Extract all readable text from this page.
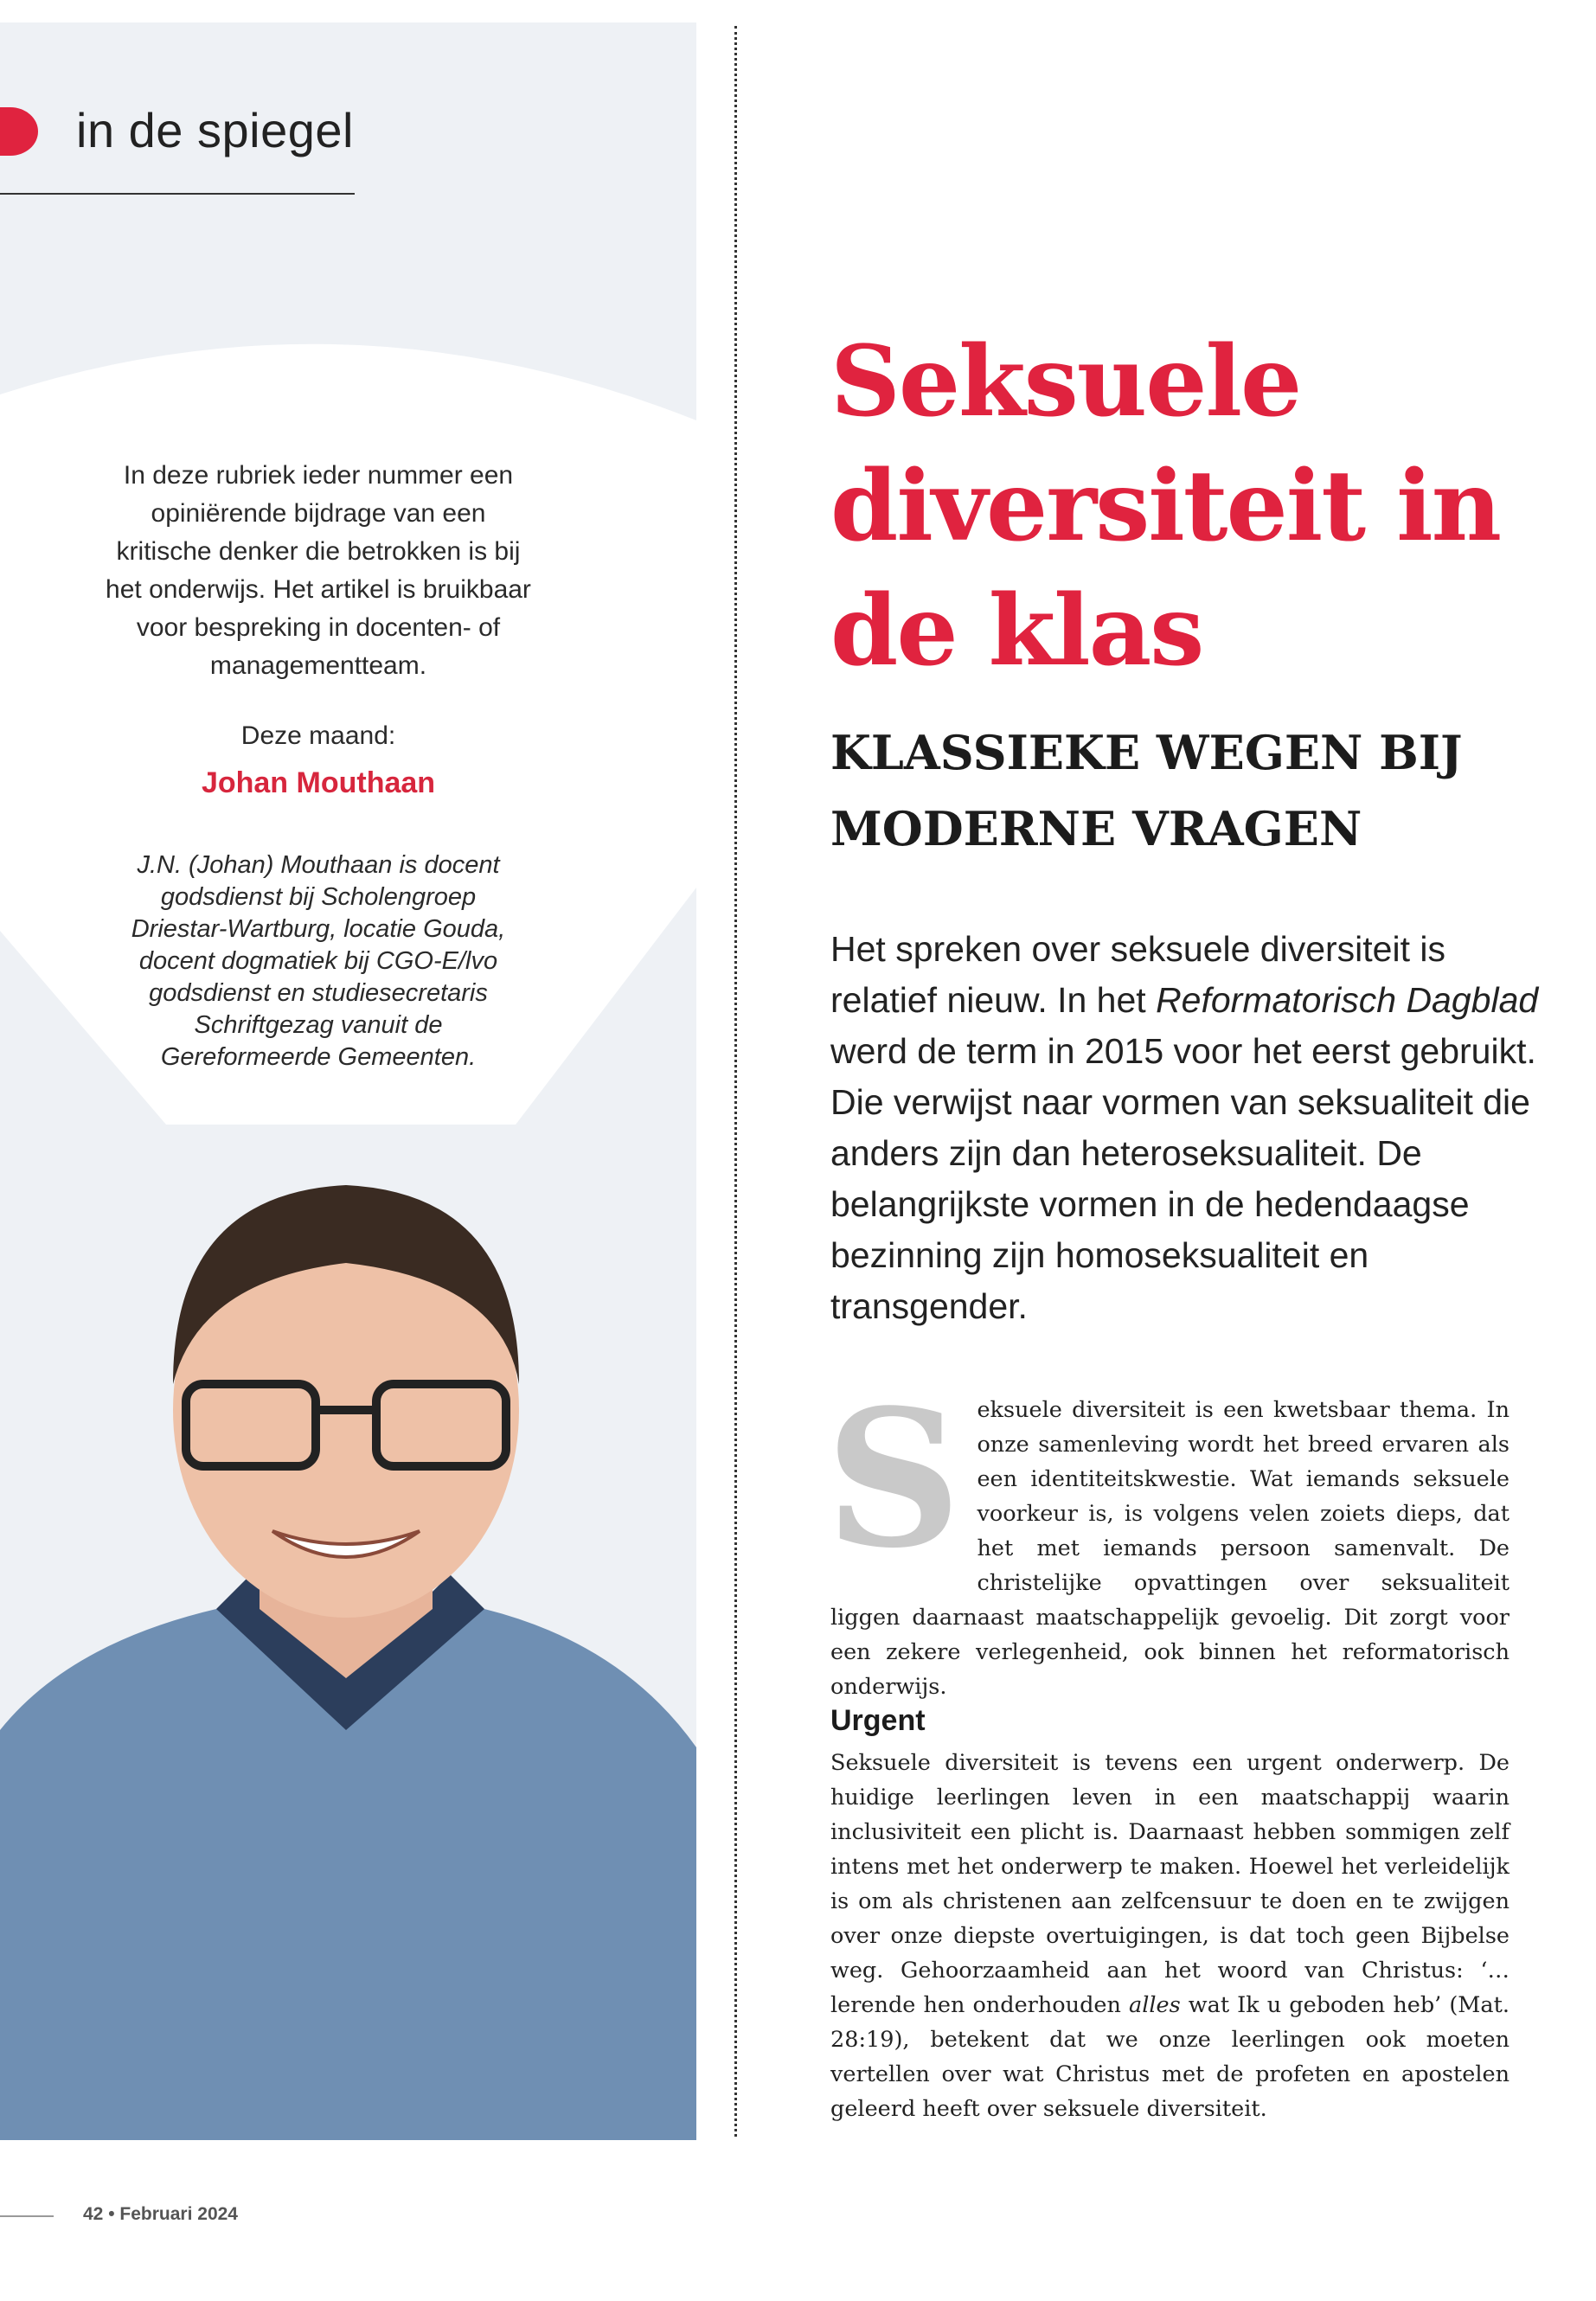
in de spiegel
In deze rubriek ieder nummer een opiniërende bijdrage van een kritische denker die betrokken is bij het onderwijs. Het artikel is bruikbaar voor bespreking in docenten- of managementteam.
Deze maand:
Johan Mouthaan
J.N. (Johan) Mouthaan is docent godsdienst bij Scholengroep Driestar-Wartburg, locatie Gouda, docent dogmatiek bij CGO-E/lvo godsdienst en studiesecretaris Schriftgezag vanuit de Gereformeerde Gemeenten.
Seksuele diversiteit in de klas
KLASSIEKE WEGEN BIJ MODERNE VRAGEN
Het spreken over seksuele diversiteit is relatief nieuw. In het Reformatorisch Dagblad werd de term in 2015 voor het eerst gebruikt. Die verwijst naar vormen van seksualiteit die anders zijn dan heteroseksualiteit. De belangrijkste vormen in de hedendaagse bezinning zijn homoseksualiteit en transgender.
Seksuele diversiteit is een kwetsbaar thema. In onze samenleving wordt het breed ervaren als een identiteitskwestie. Wat iemands seksuele voorkeur is, is volgens velen zoiets dieps, dat het met iemands persoon samenvalt. De christelijke opvattingen over seksualiteit liggen daarnaast maatschappelijk gevoelig. Dit zorgt voor een zekere verlegenheid, ook binnen het reformatorisch onderwijs.
Urgent
Seksuele diversiteit is tevens een urgent onderwerp. De huidige leerlingen leven in een maatschappij waarin inclusiviteit een plicht is. Daarnaast hebben sommigen zelf intens met het onderwerp te maken. Hoewel het verleidelijk is om als christenen aan zelfcensuur te doen en te zwijgen over onze diepste overtuigingen, is dat toch geen Bijbelse weg. Gehoorzaamheid aan het woord van Christus: ‘… lerende hen onderhouden alles wat Ik u geboden heb’ (Mat. 28:19), betekent dat we onze leerlingen ook moeten vertellen over wat Christus met de profeten en apostelen geleerd heeft over seksuele diversiteit.
42 • Februari 2024
